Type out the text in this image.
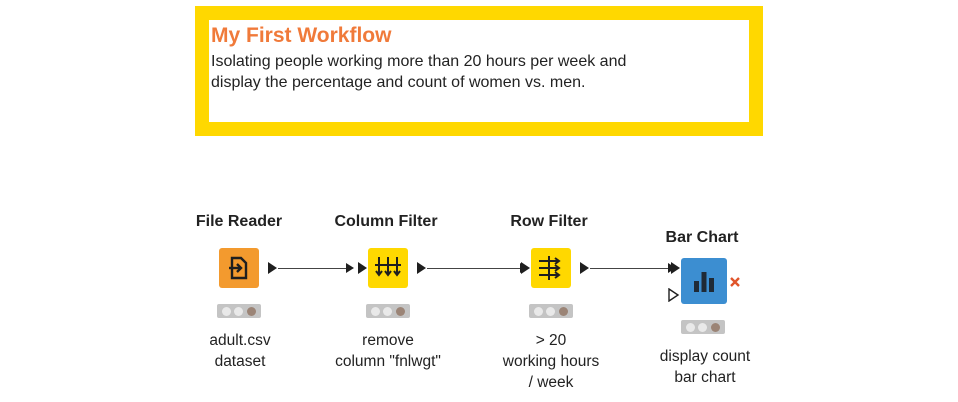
My First Workflow
Isolating people working more than 20 hours per week and
display the percentage and count of women vs. men.
File Reader
adult.csv
dataset
Column Filter
remove
column "fnlwgt"
Row Filter
> 20
working hours
/ week
Bar Chart
display count
bar chart
